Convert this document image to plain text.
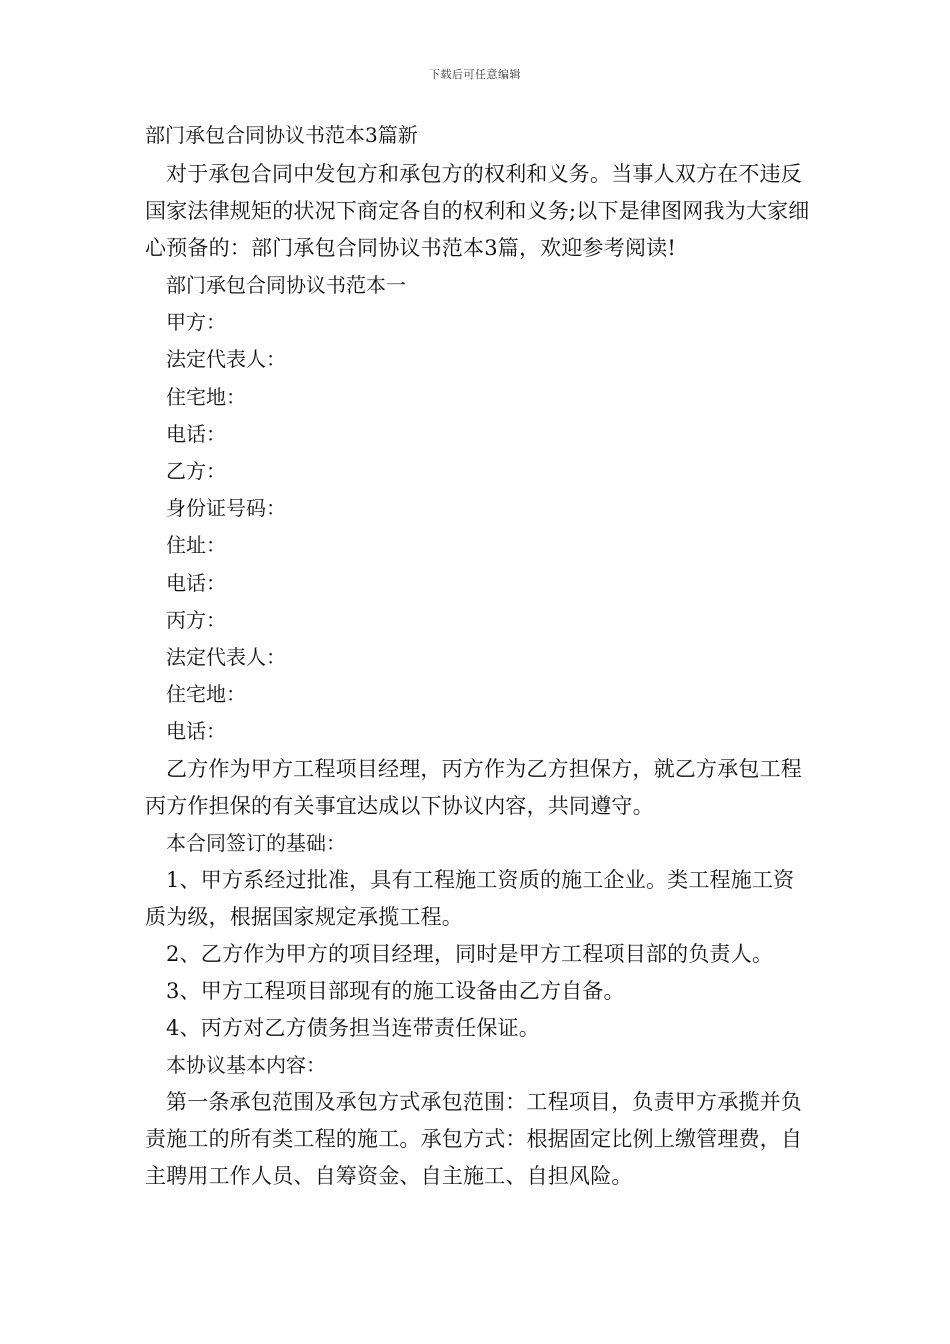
下载后可任意编辑
部门承包合同协议书范本3篇新

对于承包合同中发包方和承包方的权利和义务。当事人双方在不违反国家法律规矩的状况下商定各自的权利和义务;以下是律图网我为大家细心预备的：部门承包合同协议书范本3篇，欢迎参考阅读!

部门承包合同协议书范本一

甲方：

法定代表人：

住宅地：

电话：

乙方：

身份证号码：

住址：

电话：

丙方：

法定代表人：

住宅地：

电话：

乙方作为甲方工程项目经理，丙方作为乙方担保方，就乙方承包工程丙方作担保的有关事宜达成以下协议内容，共同遵守。

本合同签订的基础：

1、甲方系经过批准，具有工程施工资质的施工企业。类工程施工资质为级，根据国家规定承揽工程。

2、乙方作为甲方的项目经理，同时是甲方工程项目部的负责人。

3、甲方工程项目部现有的施工设备由乙方自备。

4、丙方对乙方债务担当连带责任保证。

本协议基本内容：

第一条承包范围及承包方式承包范围：工程项目，负责甲方承揽并负责施工的所有类工程的施工。承包方式：根据固定比例上缴管理费，自主聘用工作人员、自筹资金、自主施工、自担风险。
